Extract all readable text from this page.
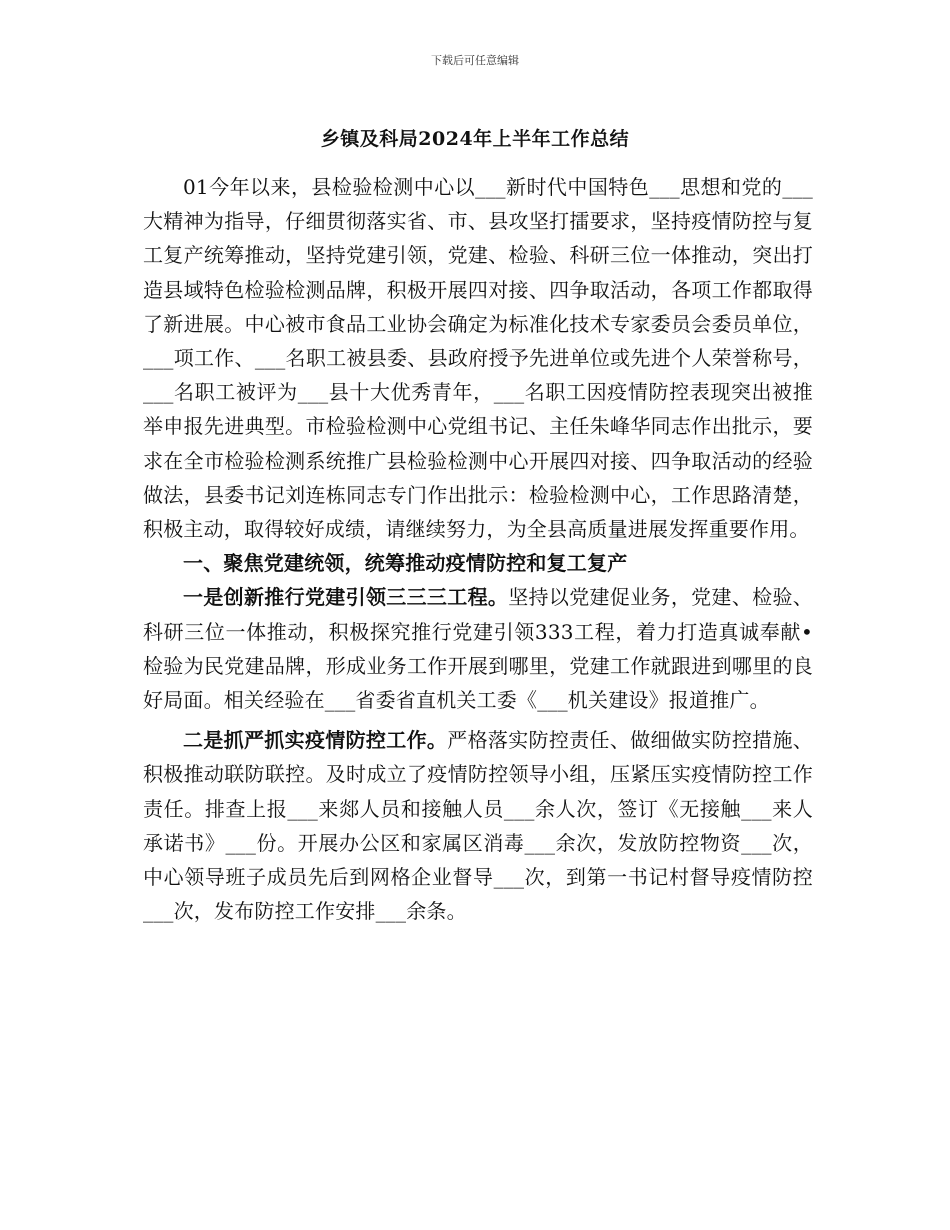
下载后可任意编辑
乡镇及科局2024年上半年工作总结

01今年以来，县检验检测中心以___新时代中国特色___思想和党的___大精神为指导，仔细贯彻落实省、市、县攻坚打擂要求，坚持疫情防控与复工复产统筹推动，坚持党建引领，党建、检验、科研三位一体推动，突出打造县域特色检验检测品牌，积极开展四对接、四争取活动，各项工作都取得了新进展。中心被市食品工业协会确定为标准化技术专家委员会委员单位，___项工作、___名职工被县委、县政府授予先进单位或先进个人荣誉称号，___名职工被评为___县十大优秀青年，___名职工因疫情防控表现突出被推举申报先进典型。市检验检测中心党组书记、主任朱峰华同志作出批示，要求在全市检验检测系统推广县检验检测中心开展四对接、四争取活动的经验做法，县委书记刘连栋同志专门作出批示：检验检测中心，工作思路清楚，积极主动，取得较好成绩，请继续努力，为全县高质量进展发挥重要作用。

一、聚焦党建统领，统筹推动疫情防控和复工复产

一是创新推行党建引领三三三工程。坚持以党建促业务，党建、检验、科研三位一体推动，积极探究推行党建引领333工程，着力打造真诚奉献•检验为民党建品牌，形成业务工作开展到哪里，党建工作就跟进到哪里的良好局面。相关经验在___省委省直机关工委《___机关建设》报道推广。

二是抓严抓实疫情防控工作。严格落实防控责任、做细做实防控措施、积极推动联防联控。及时成立了疫情防控领导小组，压紧压实疫情防控工作责任。排查上报___来郯人员和接触人员___余人次，签订《无接触___来人承诺书》___份。开展办公区和家属区消毒___余次，发放防控物资___次，中心领导班子成员先后到网格企业督导___次，到第一书记村督导疫情防控___次，发布防控工作安排___余条。
